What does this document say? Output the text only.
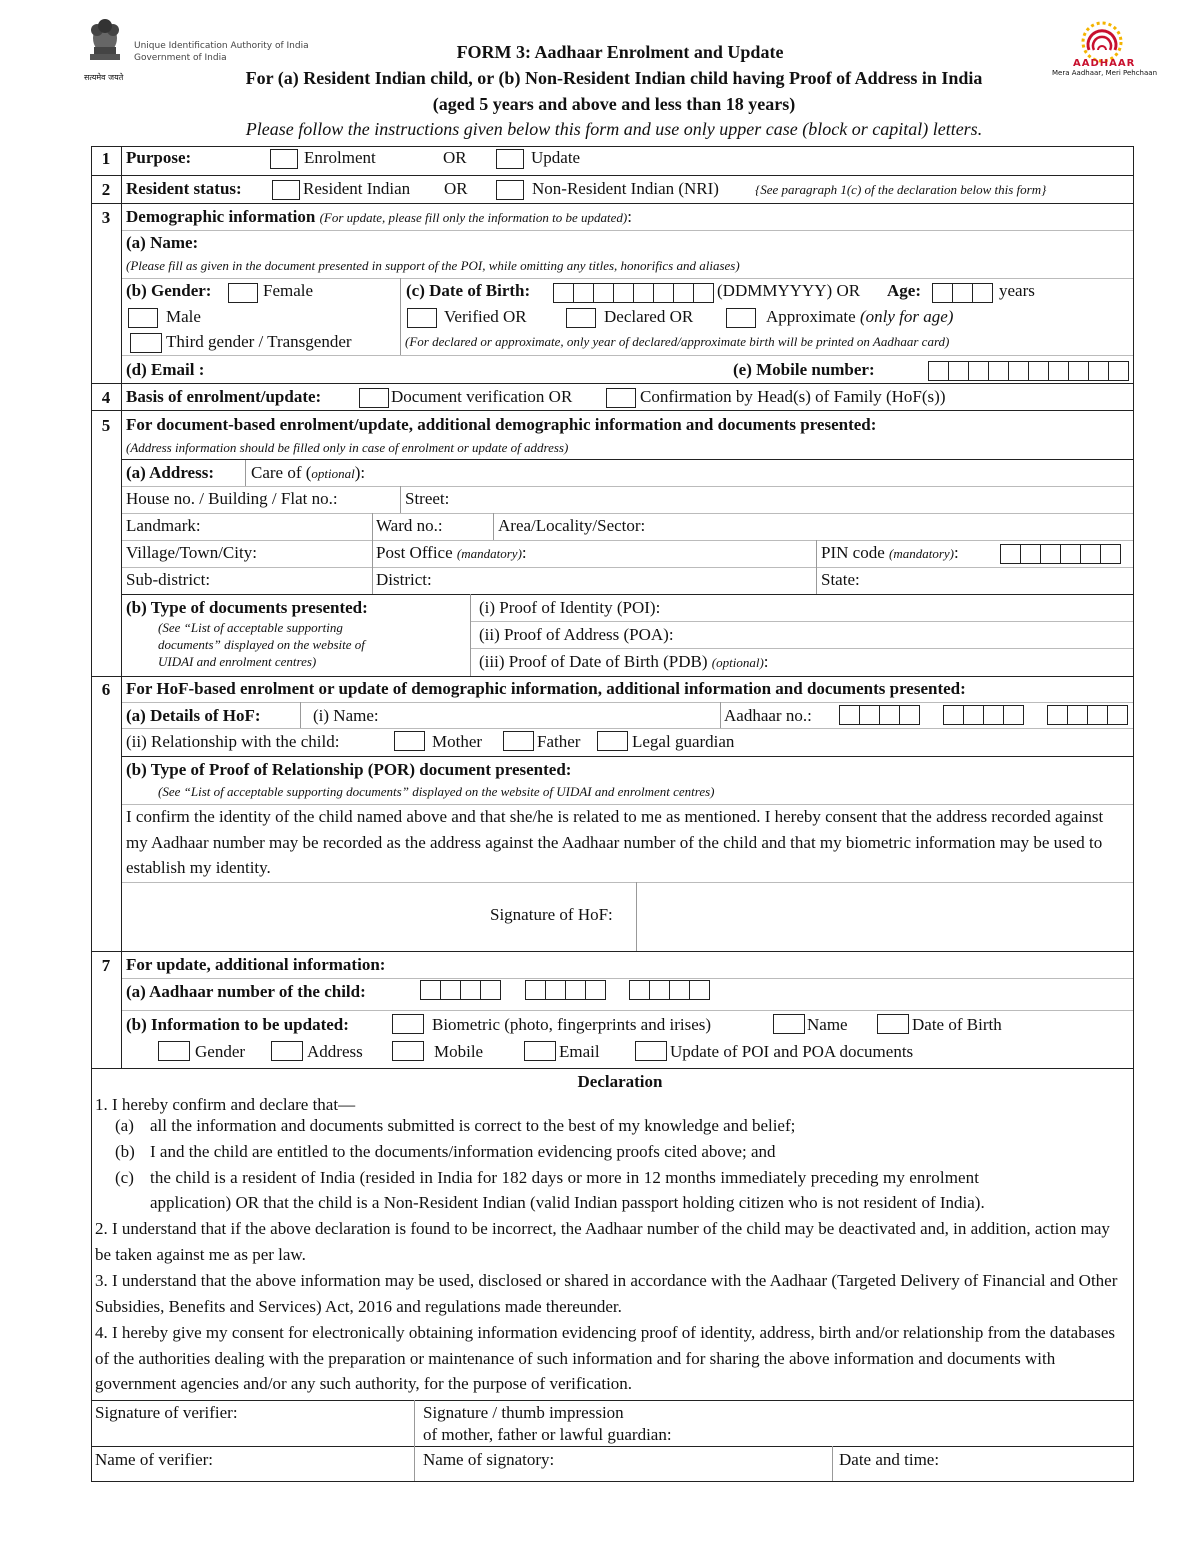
सत्यमेव जयते
Unique Identification Authority of India
Government of India	FORM 3: Aadhaar Enrolment and Update
For (a) Resident Indian child, or (b) Non-Resident Indian child having Proof of Address in India
(aged 5 years and above and less than 18 years)
Please follow the instructions given below this form and use only upper case (block or capital) letters.
AADHAAR
Mera Aadhaar, Meri Pehchaan
1 Purpose:	Enrolment	OR	Update
2 Resident status:	Resident Indian OR	Non-Resident Indian (NRI)	{See paragraph 1(c) of the declaration below this form}
3 Demographic information (For update, please fill only the information to be updated):
(a) Name:
(Please fill as given in the document presented in support of the POI, while omitting any titles, honorifics and aliases)
(b) Gender:	Female
Male
Third gender / Transgender
(c) Date of Birth:	(DDMMYYYY) OR Age:	years
Verified OR	Declared OR	Approximate (only for age)
(For declared or approximate, only year of declared/approximate birth will be printed on Aadhaar card)
(d) Email :	(e) Mobile number:
4 Basis of enrolment/update:	Document verification OR	Confirmation by Head(s) of Family (HoF(s))
5 For document-based enrolment/update, additional demographic information and documents presented:
(Address information should be filled only in case of enrolment or update of address)
(a) Address: Care of (optional):
House no. / Building / Flat no.:	Street:
Landmark:	Ward no.:	Area/Locality/Sector:
Village/Town/City:	Post Office (mandatory):	PIN code (mandatory):
Sub-district:	District:	State:
(b) Type of documents presented:
(See “List of acceptable supporting
documents” displayed on the website of
UIDAI and enrolment centres)
(i) Proof of Identity (POI):
(ii) Proof of Address (POA):
(iii) Proof of Date of Birth (PDB) (optional):
6 For HoF-based enrolment or update of demographic information, additional information and documents presented:
(a) Details of HoF:	(i) Name:	Aadhaar no.:
(ii) Relationship with the child:	Mother	Father	Legal guardian
(b) Type of Proof of Relationship (POR) document presented:
(See “List of acceptable supporting documents” displayed on the website of UIDAI and enrolment centres)
I confirm the identity of the child named above and that she/he is related to me as mentioned. I hereby consent that the address recorded against my Aadhaar number may be recorded as the address against the Aadhaar number of the child and that my biometric information may be used to establish my identity.
Signature of HoF:
7 For update, additional information:
(a) Aadhaar number of the child:
(b) Information to be updated:	Biometric (photo, fingerprints and irises)	Name	Date of Birth
Gender	Address	Mobile	Email	Update of POI and POA documents
Declaration
1. I hereby confirm and declare that—
(a) all the information and documents submitted is correct to the best of my knowledge and belief;
(b) I and the child are entitled to the documents/information evidencing proofs cited above; and
(c) the child is a resident of India (resided in India for 182 days or more in 12 months immediately preceding my enrolment
application) OR that the child is a Non-Resident Indian (valid Indian passport holding citizen who is not resident of India).
2. I understand that if the above declaration is found to be incorrect, the Aadhaar number of the child may be deactivated and, in addition, action may be taken against me as per law.
3. I understand that the above information may be used, disclosed or shared in accordance with the Aadhaar (Targeted Delivery of Financial and Other Subsidies, Benefits and Services) Act, 2016 and regulations made thereunder.
4. I hereby give my consent for electronically obtaining information evidencing proof of identity, address, birth and/or relationship from the databases of the authorities dealing with the preparation or maintenance of such information and for sharing the above information and documents with government agencies and/or any such authority, for the purpose of verification.
Signature of verifier:	Signature / thumb impression
of mother, father or lawful guardian:
Name of verifier:	Name of signatory:	Date and time:
